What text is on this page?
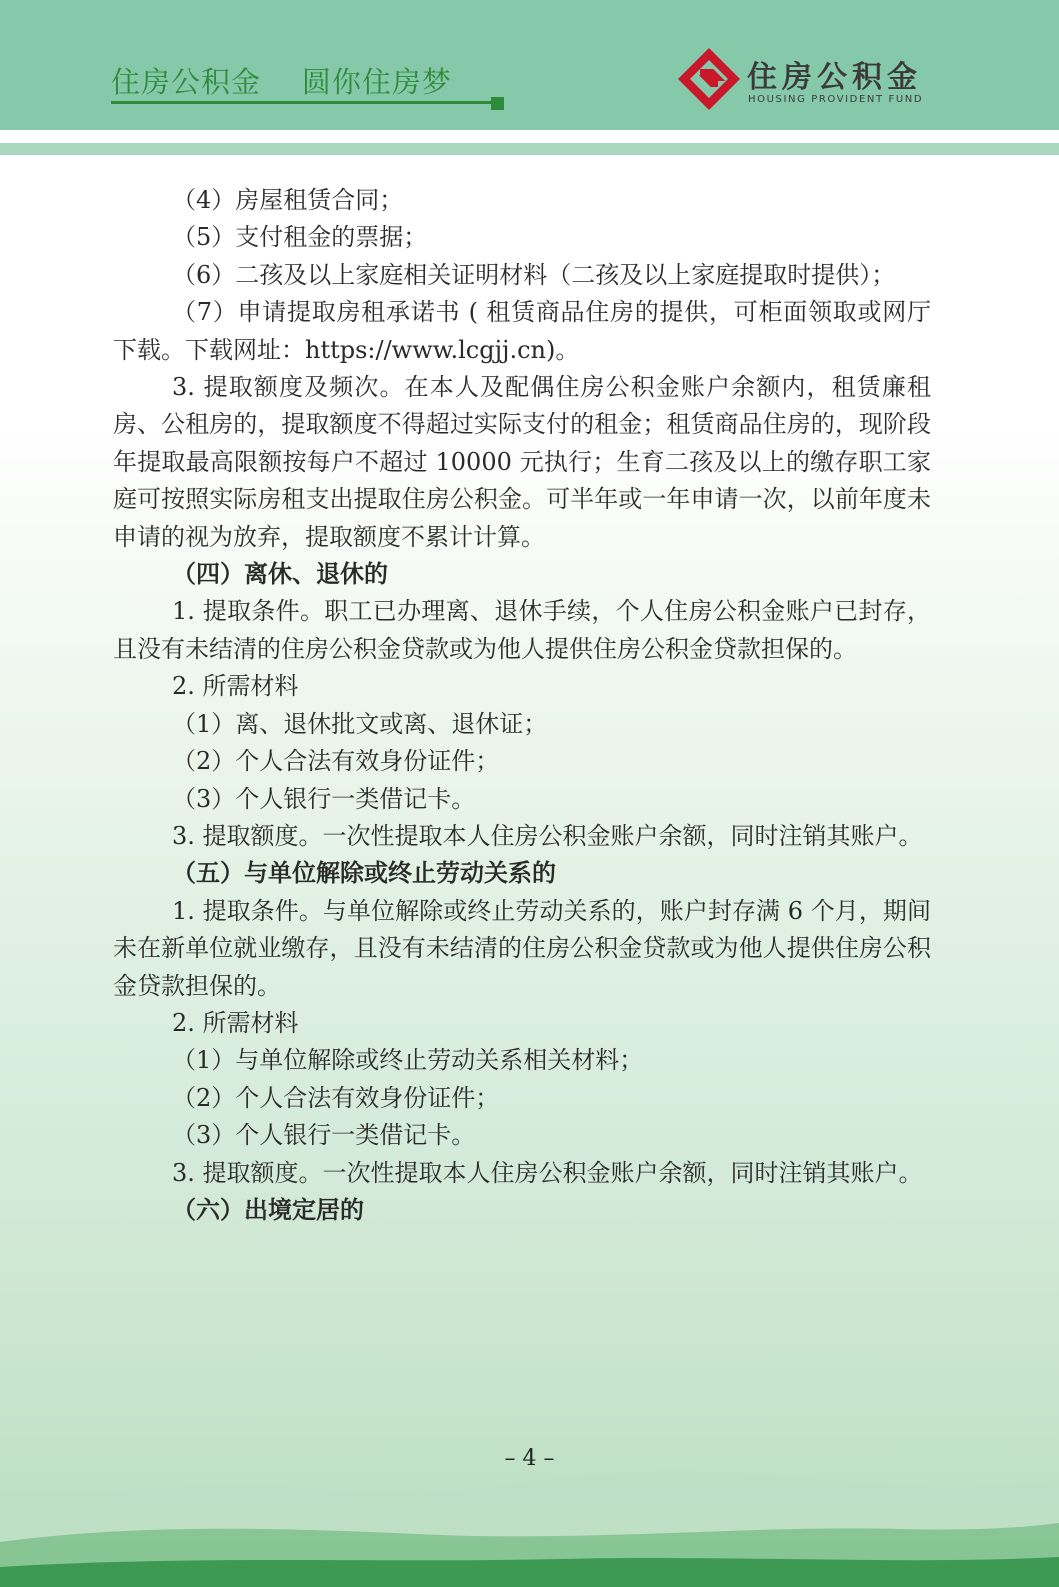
住房公积金    圆你住房梦	住房公积金
HOUSING PROVIDENT FUND

（4）房屋租赁合同；

（5）支付租金的票据；

（6）二孩及以上家庭相关证明材料（二孩及以上家庭提取时提供）；

（7）申请提取房租承诺书 ( 租赁商品住房的提供，可柜面领取或网厅下载。下载网址：https://www.lcgjj.cn)。

3. 提取额度及频次。在本人及配偶住房公积金账户余额内，租赁廉租房、公租房的，提取额度不得超过实际支付的租金；租赁商品住房的，现阶段年提取最高限额按每户不超过 10000 元执行；生育二孩及以上的缴存职工家庭可按照实际房租支出提取住房公积金。可半年或一年申请一次，以前年度未申请的视为放弃，提取额度不累计计算。

（四）离休、退休的

1. 提取条件。职工已办理离、退休手续，个人住房公积金账户已封存，且没有未结清的住房公积金贷款或为他人提供住房公积金贷款担保的。

2. 所需材料

（1）离、退休批文或离、退休证；

（2）个人合法有效身份证件；

（3）个人银行一类借记卡。

3. 提取额度。一次性提取本人住房公积金账户余额，同时注销其账户。

（五）与单位解除或终止劳动关系的

1. 提取条件。与单位解除或终止劳动关系的，账户封存满 6 个月，期间未在新单位就业缴存，且没有未结清的住房公积金贷款或为他人提供住房公积金贷款担保的。

2. 所需材料

（1）与单位解除或终止劳动关系相关材料；

（2）个人合法有效身份证件；

（3）个人银行一类借记卡。

3. 提取额度。一次性提取本人住房公积金账户余额，同时注销其账户。

（六）出境定居的

– 4 –
